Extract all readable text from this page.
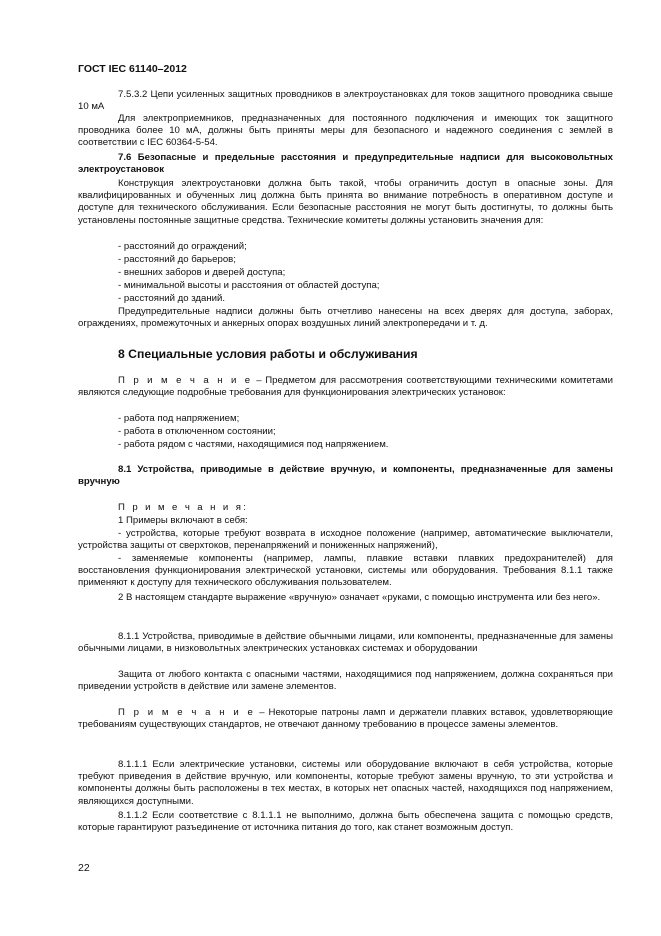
ГОСТ IEC 61140–2012

7.5.3.2 Цепи усиленных защитных проводников в электроустановках для токов защитного проводника свыше 10 мА

Для электроприемников, предназначенных для постоянного подключения и имеющих ток защитного проводника более 10 мА, должны быть приняты меры для безопасного и надежного соединения с землей в соответствии с IEC 60364-5-54.

7.6 Безопасные и предельные расстояния и предупредительные надписи для высоковольтных электроустановок

Конструкция электроустановки должна быть такой, чтобы ограничить доступ в опасные зоны. Для квалифицированных и обученных лиц должна быть принята во внимание потребность в оперативном доступе и доступе для технического обслуживания. Если безопасные расстояния не могут быть достигнуты, то должны быть установлены постоянные защитные средства. Технические комитеты должны установить значения для:

- расстояний до ограждений;

- расстояний до барьеров;

- внешних заборов и дверей доступа;

- минимальной высоты и расстояния от областей доступа;

- расстояний до зданий.

Предупредительные надписи должны быть отчетливо нанесены на всех дверях для доступа, заборах, ограждениях, промежуточных и анкерных опорах воздушных линий электропередачи и т. д.

8 Специальные условия работы и обслуживания

П р и м е ч а н и е – Предметом для рассмотрения соответствующими техническими комитетами являются следующие подробные требования для функционирования электрических установок:

- работа под напряжением;

- работа в отключенном состоянии;

- работа рядом с частями, находящимися под напряжением.

8.1 Устройства, приводимые в действие вручную, и компоненты, предназначенные для замены вручную

П р и м е ч а н и я:

1 Примеры включают в себя:

- устройства, которые требуют возврата в исходное положение (например, автоматические выключатели, устройства защиты от сверхтоков, перенапряжений и пониженных напряжений),

- заменяемые компоненты (например, лампы, плавкие вставки плавких предохранителей) для восстановления функционирования электрической установки, системы или оборудования. Требования 8.1.1 также применяют к доступу для технического обслуживания пользователем.

2 В настоящем стандарте выражение «вручную» означает «руками, с помощью инструмента или без него».

8.1.1 Устройства, приводимые в действие обычными лицами, или компоненты, предназначенные для замены обычными лицами, в низковольтных электрических установках системах и оборудовании

Защита от любого контакта с опасными частями, находящимися под напряжением, должна сохраняться при приведении устройств в действие или замене элементов.

П р и м е ч а н и е – Некоторые патроны ламп и держатели плавких вставок, удовлетворяющие требованиям существующих стандартов, не отвечают данному требованию в процессе замены элементов.

8.1.1.1 Если электрические установки, системы или оборудование включают в себя устройства, которые требуют приведения в действие вручную, или компоненты, которые требуют замены вручную, то эти устройства и компоненты должны быть расположены в тех местах, в которых нет опасных частей, находящихся под напряжением, являющихся доступными.

8.1.1.2 Если соответствие с 8.1.1.1 не выполнимо, должна быть обеспечена защита с помощью средств, которые гарантируют разъединение от источника питания до того, как станет возможным доступ.

22
